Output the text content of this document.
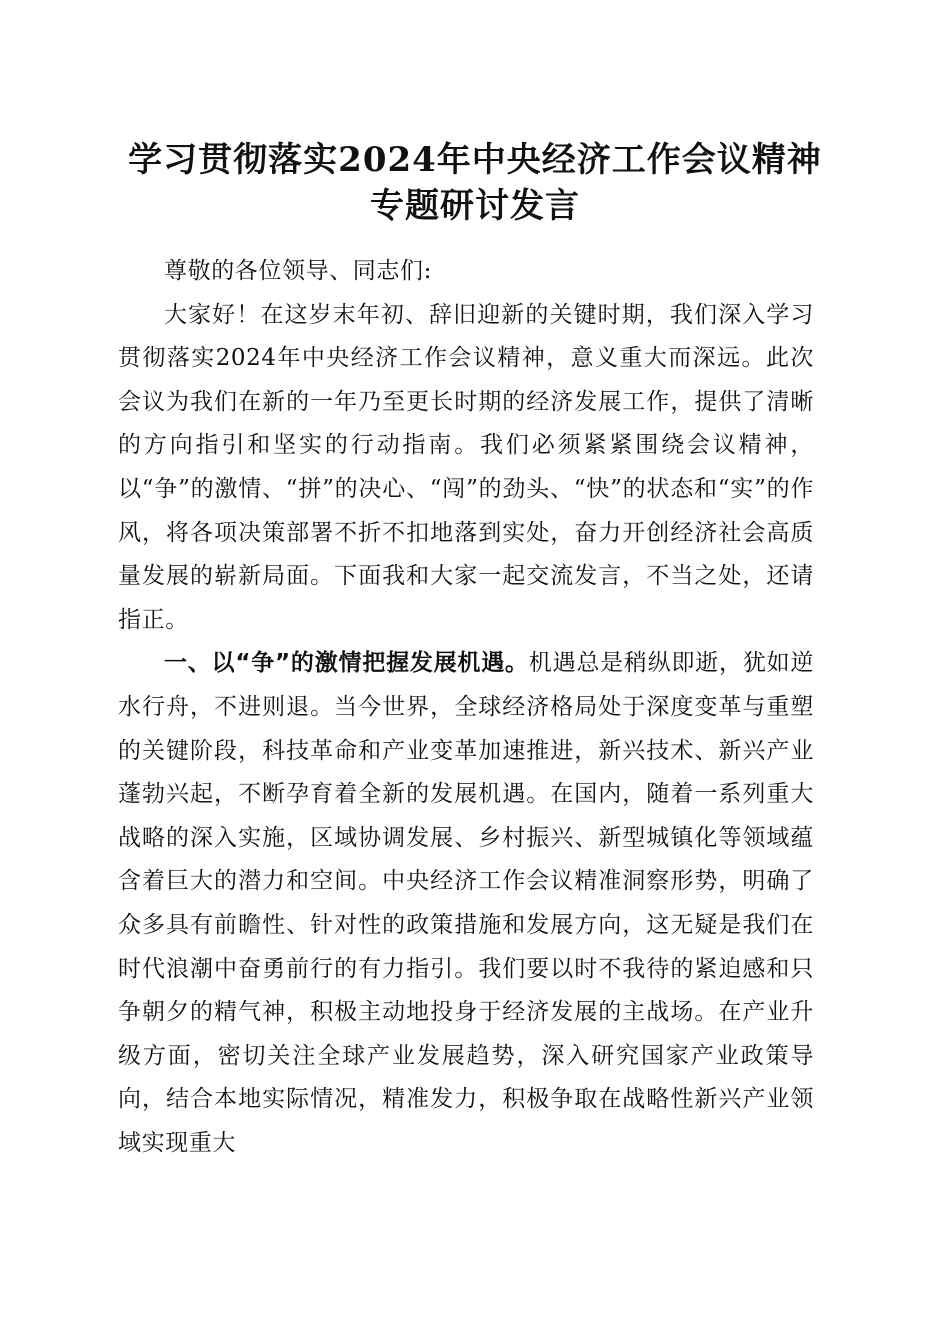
学习贯彻落实2024年中央经济工作会议精神
专题研讨发言

尊敬的各位领导、同志们:

大家好！在这岁末年初、辞旧迎新的关键时期，我们深入学习贯彻落实2024年中央经济工作会议精神，意义重大而深远。此次会议为我们在新的一年乃至更长时期的经济发展工作，提供了清晰的方向指引和坚实的行动指南。我们必须紧紧围绕会议精神，以“争”的激情、“拼”的决心、“闯”的劲头、“快”的状态和“实”的作风，将各项决策部署不折不扣地落到实处，奋力开创经济社会高质量发展的崭新局面。下面我和大家一起交流发言，不当之处，还请指正。

一、以“争”的激情把握发展机遇。机遇总是稍纵即逝，犹如逆水行舟，不进则退。当今世界，全球经济格局处于深度变革与重塑的关键阶段，科技革命和产业变革加速推进，新兴技术、新兴产业蓬勃兴起，不断孕育着全新的发展机遇。在国内，随着一系列重大战略的深入实施，区域协调发展、乡村振兴、新型城镇化等领域蕴含着巨大的潜力和空间。中央经济工作会议精准洞察形势，明确了众多具有前瞻性、针对性的政策措施和发展方向，这无疑是我们在时代浪潮中奋勇前行的有力指引。我们要以时不我待的紧迫感和只争朝夕的精气神，积极主动地投身于经济发展的主战场。在产业升级方面，密切关注全球产业发展趋势，深入研究国家产业政策导向，结合本地实际情况，精准发力，积极争取在战略性新兴产业领域实现重大
